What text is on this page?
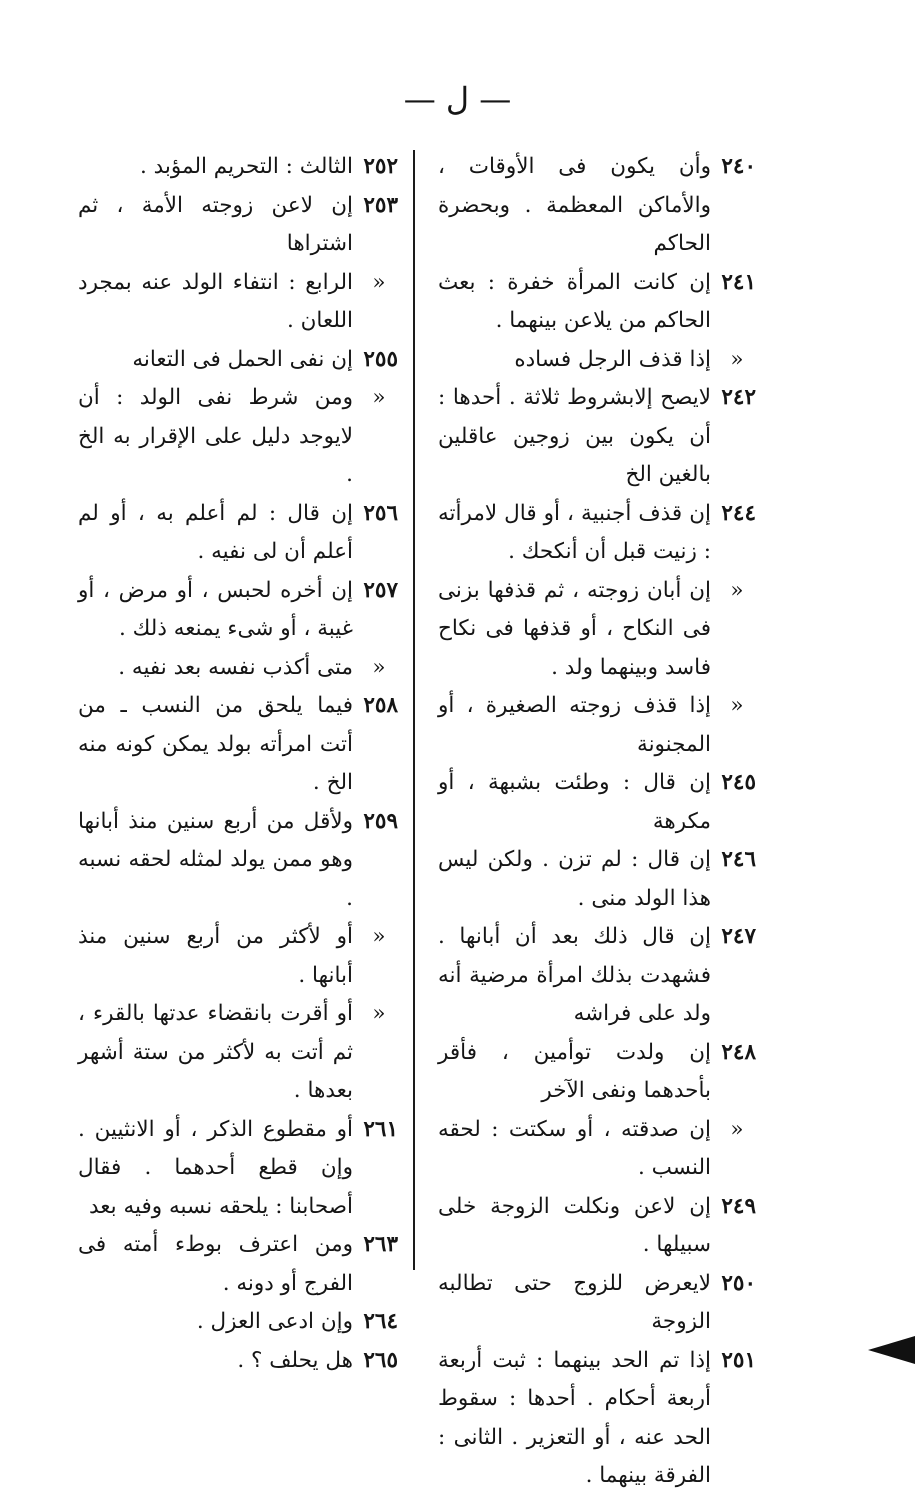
— ل —
٢٤٠
وأن يكون فى الأوقات ، والأماكن المعظمة . وبحضرة الحاكم
٢٤١
إن كانت المرأة خفرة : بعث الحاكم من يلاعن بينهما .
«
إذا قذف الرجل فساده
٢٤٢
لايصح إلابشروط ثلاثة . أحدها : أن يكون بين زوجين عاقلين بالغين الخ
٢٤٤
إن قذف أجنبية ، أو قال لامرأته : زنيت قبل أن أنكحك .
«
إن أبان زوجته ، ثم قذفها بزنى فى النكاح ، أو قذفها فى نكاح فاسد وبينهما ولد .
«
إذا قذف زوجته الصغيرة ، أو المجنونة
٢٤٥
إن قال : وطئت بشبهة ، أو مكرهة
٢٤٦
إن قال : لم تزن . ولكن ليس هذا الولد منى .
٢٤٧
إن قال ذلك بعد أن أبانها . فشهدت بذلك امرأة مرضية أنه ولد على فراشه
٢٤٨
إن ولدت توأمين ، فأقر بأحدهما ونفى الآخر
«
إن صدقته ، أو سكتت : لحقه النسب .
٢٤٩
إن لاعن ونكلت الزوجة خلى سبيلها .
٢٥٠
لايعرض للزوج حتى تطالبه الزوجة
٢٥١
إذا تم الحد بينهما : ثبت أربعة أربعة أحكام . أحدها : سقوط الحد عنه ، أو التعزير . الثانى : الفرقة بينهما .
٢٥٢
الثالث : التحريم المؤبد .
٢٥٣
إن لاعن زوجته الأمة ، ثم اشتراها
«
الرابع : انتفاء الولد عنه بمجرد اللعان .
٢٥٥
إن نفى الحمل فى التعانه
«
ومن شرط نفى الولد : أن لايوجد دليل على الإقرار به الخ .
٢٥٦
إن قال : لم أعلم به ، أو لم أعلم أن لى نفيه .
٢٥٧
إن أخره لحبس ، أو مرض ، أو غيبة ، أو شىء يمنعه ذلك .
«
متى أكذب نفسه بعد نفيه .
٢٥٨
فيما يلحق من النسب ـ من أتت امرأته بولد يمكن كونه منه الخ .
٢٥٩
ولأقل من أربع سنين منذ أبانها وهو ممن يولد لمثله لحقه نسبه .
«
أو لأكثر من أربع سنين منذ أبانها .
«
أو أقرت بانقضاء عدتها بالقرء ، ثم أتت به لأكثر من ستة أشهر بعدها .
٢٦١
أو مقطوع الذكر ، أو الانثيين . وإن قطع أحدهما . فقال أصحابنا : يلحقه نسبه وفيه بعد
٢٦٣
ومن اعترف بوطء أمته فى الفرج أو دونه .
٢٦٤
وإن ادعى العزل .
٢٦٥
هل يحلف ؟ .
